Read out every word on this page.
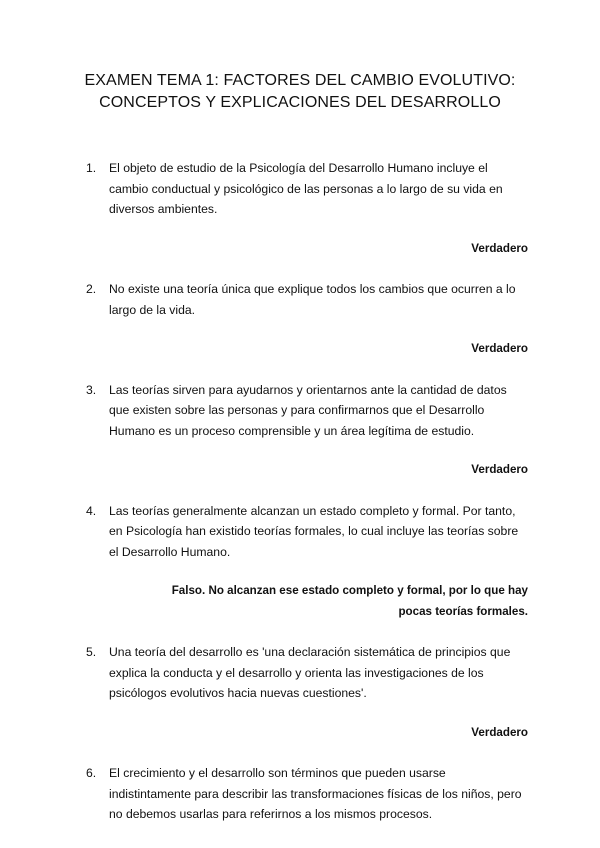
EXAMEN TEMA 1: FACTORES DEL CAMBIO EVOLUTIVO:
CONCEPTOS Y EXPLICACIONES DEL DESARROLLO
1.	El objeto de estudio de la Psicología del Desarrollo Humano incluye el cambio conductual y psicológico de las personas a lo largo de su vida en diversos ambientes.
Verdadero
2.	No existe una teoría única que explique todos los cambios que ocurren a lo largo de la vida.
Verdadero
3.	Las teorías sirven para ayudarnos y orientarnos ante la cantidad de datos que existen sobre las personas y para confirmarnos que el Desarrollo Humano es un proceso comprensible y un área legítima de estudio.
Verdadero
4.	Las teorías generalmente alcanzan un estado completo y formal. Por tanto, en Psicología han existido teorías formales, lo cual incluye las teorías sobre el Desarrollo Humano.
Falso. No alcanzan ese estado completo y formal, por lo que hay pocas teorías formales.
5.	Una teoría del desarrollo es 'una declaración sistemática de principios que explica la conducta y el desarrollo y orienta las investigaciones de los psicólogos evolutivos hacia nuevas cuestiones'.
Verdadero
6.	El crecimiento y el desarrollo son términos que pueden usarse indistintamente para describir las transformaciones físicas de los niños, pero no debemos usarlas para referirnos a los mismos procesos.
